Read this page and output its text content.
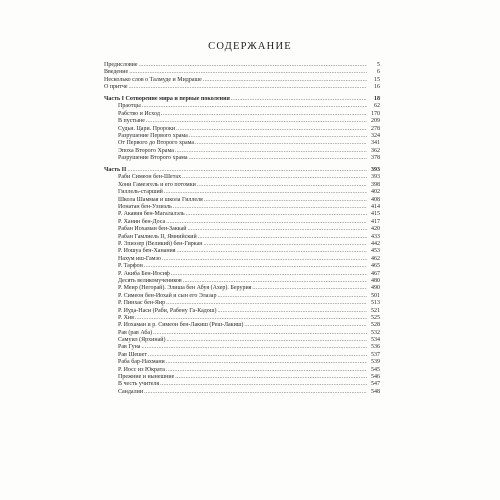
СОДЕРЖАНИЕ
Предисловие .....	5
Введение .....	6
Несколько слов о Талмуде и Мидраше .....	15
О притче .....	16
Часть I Сотворение мира и первые поколения .....	18
Праотцы .....	62
Рабство и Исход .....	170
В пустыне .....	209
Судьи. Цари. Пророки .....	278
Разрушение Первого храма .....	324
От Первого до Второго храма .....	341
Эпоха Второго Храма .....	362
Разрушение Второго храма .....	378
Часть II .....	393
Раби Симеон бен-Шетах .....	393
Хони Гамеэгель и его потомки .....	398
Гиллель-старший .....	402
Школа Шаммая и школа Гиллеля .....	408
Ионатан бен-Уззиэль .....	414
Р. Акавия бен-Магалалэль .....	415
Р. Ханин бен-Доса .....	417
Рабан Иохаман бен-Заккай .....	420
Рабан Гамлиель II, Ямнийский .....	433
Р. Элиэзер (Великий) бен-Гиркан .....	442
Р. Иошуа бен-Ханания .....	453
Нахум иш-Гамзо .....	462
Р. Тарфон .....	465
Р. Акиба Бен-Иосиф .....	467
Десять великомучеников .....	480
Р. Меир (Негорай). Элиша бен Абуя (Ахер). Берурия .....	490
Р. Симеон бен-Иохай и сын его Элазар .....	501
Р. Пинхас бен-Яир .....	513
Р. Иуда-Наси (Раби, Рабену Га-Кадош) .....	521
Р. Хия .....	525
Р. Иохаман и р. Симеон бен-Лакиш (Реш-Лакиш) .....	528
Рав (рав Аба) .....	532
Самуил (Ярхинай) .....	534
Рав Гуна .....	536
Рав Шешет .....	537
Раба бар-Нахмани .....	539
Р. Иосс из Юкрата .....	545
Прежние и нынешние .....	546
В честь учителя .....	547
Сандалии .....	548
